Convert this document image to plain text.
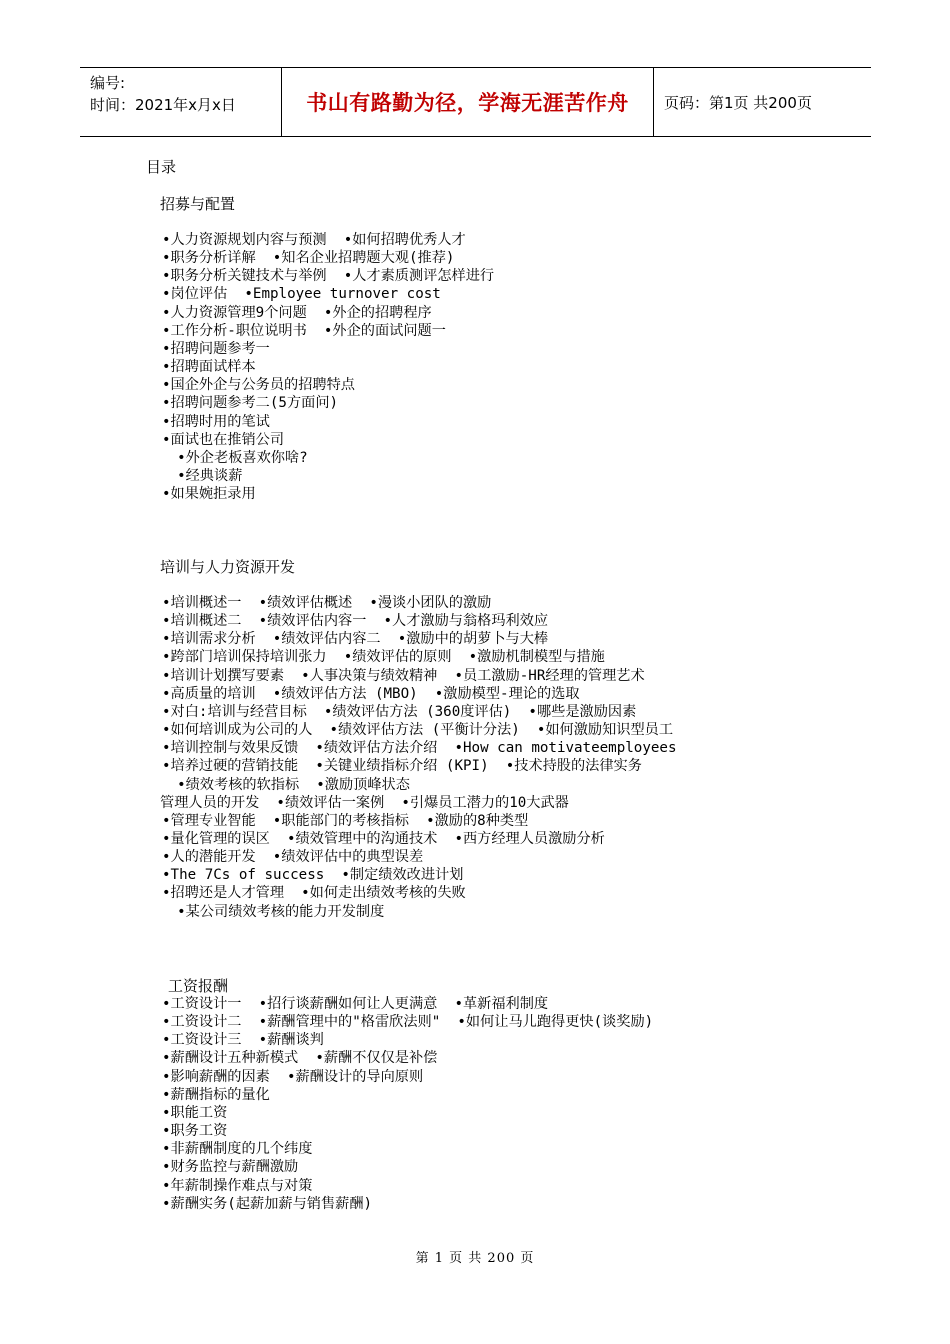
编号:
时间：2021年x月x日	书山有路勤为径，学海无涯苦作舟	页码：第1页 共200页
目录
招募与配置
•人力资源规划内容与预测  •如何招聘优秀人才
•职务分析详解  •知名企业招聘题大观(推荐)
•职务分析关键技术与举例  •人才素质测评怎样进行
•岗位评估  •Employee turnover cost
•人力资源管理9个问题  •外企的招聘程序
•工作分析-职位说明书  •外企的面试问题一
•招聘问题参考一
•招聘面试样本
•国企外企与公务员的招聘特点
•招聘问题参考二(5方面问)
•招聘时用的笔试
•面试也在推销公司
•外企老板喜欢你啥?
•经典谈薪
•如果婉拒录用
培训与人力资源开发
•培训概述一  •绩效评估概述  •漫谈小团队的激励
•培训概述二  •绩效评估内容一  •人才激励与翁格玛利效应
•培训需求分析  •绩效评估内容二  •激励中的胡萝卜与大棒
•跨部门培训保持培训张力  •绩效评估的原则  •激励机制模型与措施
•培训计划撰写要素  •人事决策与绩效精神  •员工激励-HR经理的管理艺术
•高质量的培训  •绩效评估方法 (MBO)  •激励模型-理论的选取
•对白:培训与经营目标  •绩效评估方法 (360度评估)  •哪些是激励因素
•如何培训成为公司的人  •绩效评估方法 (平衡计分法)  •如何激励知识型员工
•培训控制与效果反馈  •绩效评估方法介绍  •How can motivateemployees
•培养过硬的营销技能  •关键业绩指标介绍 (KPI)  •技术持股的法律实务
•绩效考核的软指标  •激励顶峰状态
管理人员的开发  •绩效评估一案例  •引爆员工潜力的10大武器
•管理专业智能  •职能部门的考核指标  •激励的8种类型
•量化管理的误区  •绩效管理中的沟通技术  •西方经理人员激励分析
•人的潜能开发  •绩效评估中的典型误差
•The 7Cs of success  •制定绩效改进计划
•招聘还是人才管理  •如何走出绩效考核的失败
•某公司绩效考核的能力开发制度
工资报酬
•工资设计一  •招行谈薪酬如何让人更满意  •革新福利制度
•工资设计二  •薪酬管理中的"格雷欣法则"  •如何让马儿跑得更快(谈奖励)
•工资设计三  •薪酬谈判
•薪酬设计五种新模式  •薪酬不仅仅是补偿
•影响薪酬的因素  •薪酬设计的导向原则
•薪酬指标的量化
•职能工资
•职务工资
•非薪酬制度的几个纬度
•财务监控与薪酬激励
•年薪制操作难点与对策
•薪酬实务(起薪加薪与销售薪酬)
第 1 页 共 200 页
